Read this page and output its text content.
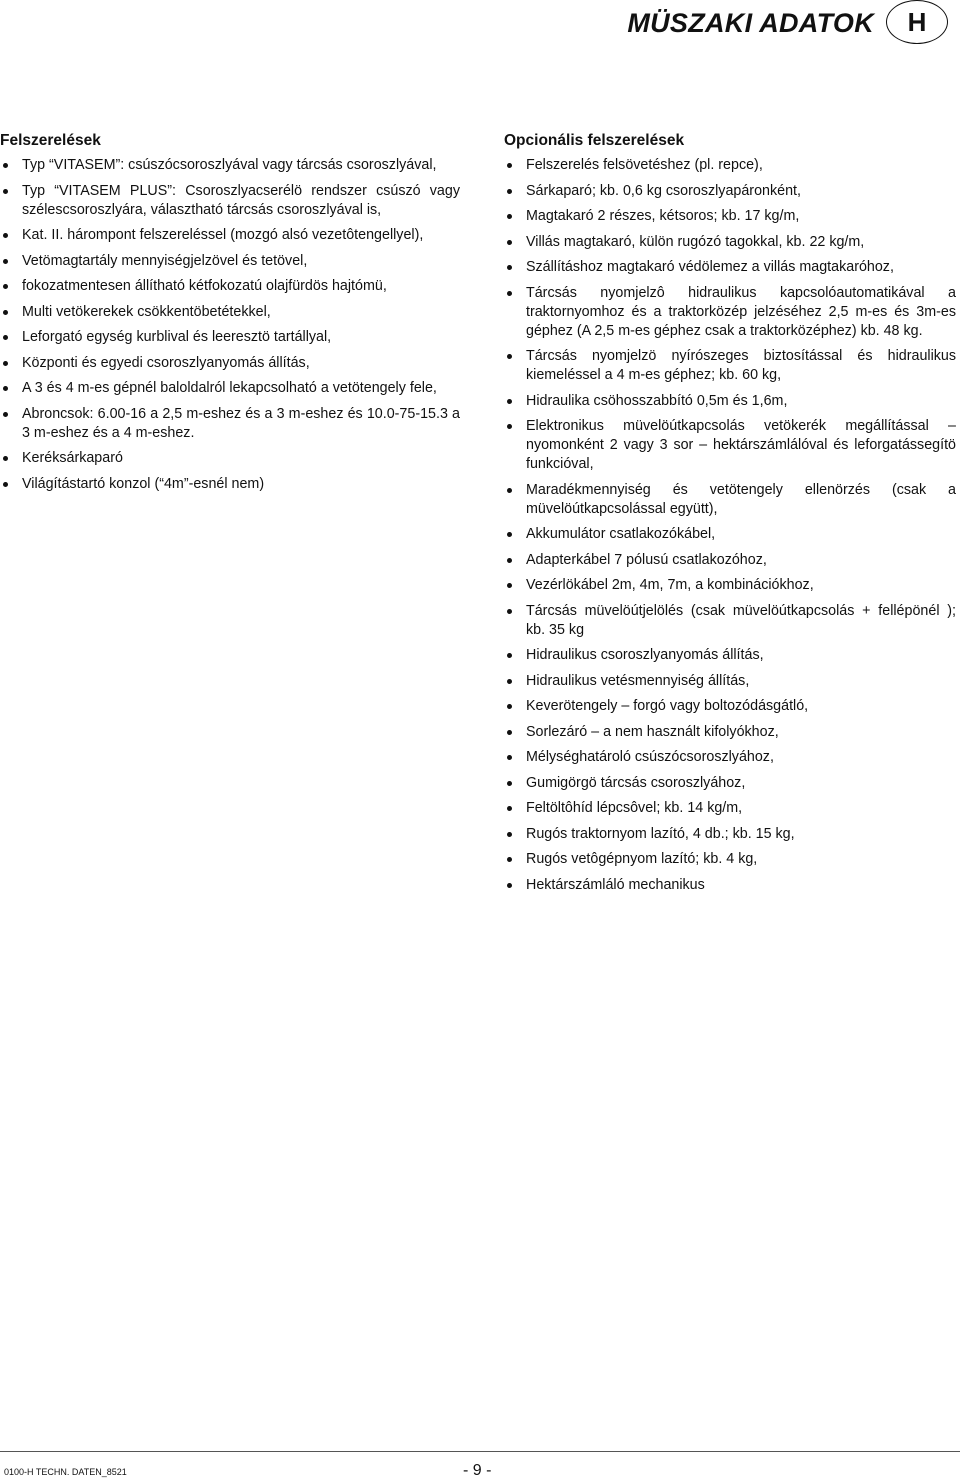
MÜSZAKI ADATOK	H
Felszerelések
Typ “VITASEM”: csúszócsoroszlyával vagy tárcsás csoroszlyával,
Typ “VITASEM PLUS”: Csoroszlyacserélö rendszer csúszó vagy szélescsoroszlyára, választható tárcsás csoroszlyával is,
Kat. II. hárompont felszereléssel (mozgó alsó vezetôtengellyel),
Vetömagtartály mennyiségjelzövel és tetövel,
fokozatmentesen állítható kétfokozatú olajfürdös hajtómü,
Multi vetökerekek csökkentöbetétekkel,
Leforgató egység kurblival és leeresztö tartállyal,
Központi és egyedi csoroszlyanyomás állítás,
A 3 és 4 m-es gépnél baloldalról lekapcsolható a vetötengely fele,
Abroncsok: 6.00-16 a 2,5 m-eshez és a 3 m-eshez és 10.0-75-15.3 a 3 m-eshez és a 4 m-eshez.
Keréksárkaparó
Világítástartó konzol (“4m”-esnél nem)
Opcionális felszerelések
Felszerelés felsövetéshez (pl. repce),
Sárkaparó; kb. 0,6 kg csoroszlyapáronként,
Magtakaró 2 részes, kétsoros; kb. 17 kg/m,
Villás magtakaró, külön rugózó tagokkal, kb. 22 kg/m,
Szállításhoz magtakaró védölemez a villás magtakaróhoz,
Tárcsás nyomjelzô hidraulikus kapcsolóautomatikával a traktornyomhoz és a traktorközép jelzéséhez 2,5 m-es és 3m-es géphez (A 2,5 m-es géphez csak a traktorközéphez) kb. 48 kg.
Tárcsás nyomjelzö nyírószeges biztosítással és hidraulikus kiemeléssel a 4 m-es géphez; kb. 60 kg,
Hidraulika csöhosszabbító 0,5m és 1,6m,
Elektronikus müvelöútkapcsolás vetökerék megállítással – nyomonként 2 vagy 3 sor – hektárszámlálóval és leforgatássegítö funkcióval,
Maradékmennyiség és vetötengely ellenörzés (csak a müvelöútkapcsolással együtt),
Akkumulátor csatlakozókábel,
Adapterkábel 7 pólusú csatlakozóhoz,
Vezérlökábel 2m, 4m, 7m, a kombinációkhoz,
Tárcsás müvelöútjelölés (csak müvelöútkapcsolás + fellépönél ); kb. 35 kg
Hidraulikus csoroszlyanyomás állítás,
Hidraulikus vetésmennyiség állítás,
Keverötengely – forgó vagy boltozódásgátló,
Sorlezáró – a nem használt kifolyókhoz,
Mélységhatároló csúszócsoroszlyához,
Gumigörgö tárcsás csoroszlyához,
Feltöltôhíd lépcsôvel; kb. 14 kg/m,
Rugós traktornyom lazító, 4 db.; kb. 15 kg,
Rugós vetôgépnyom lazító; kb. 4 kg,
Hektárszámláló mechanikus
0100-H TECHN. DATEN_8521	- 9 -
